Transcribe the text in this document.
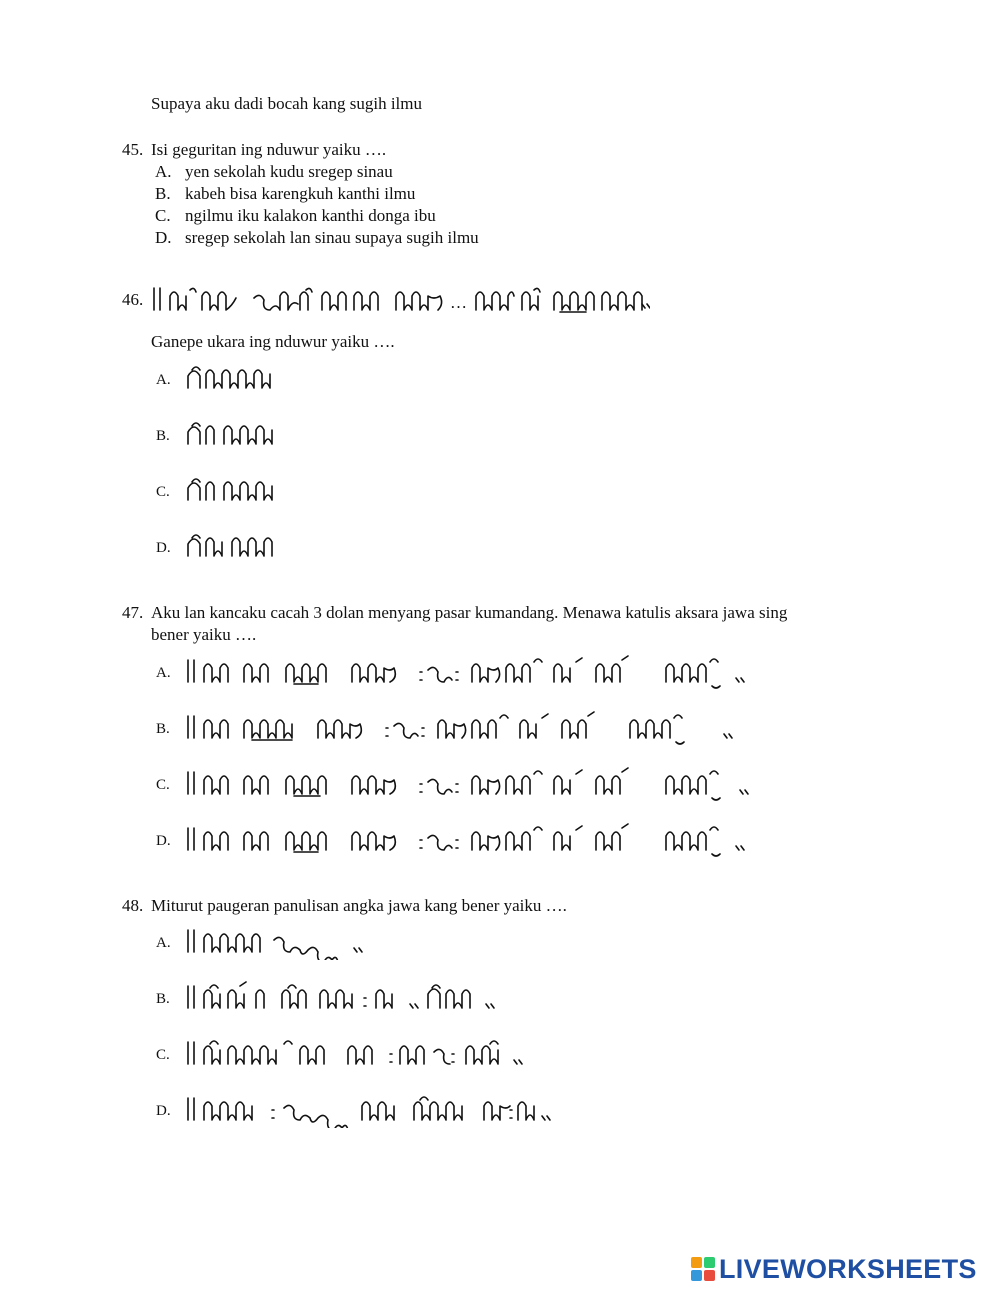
Supaya aku dadi bocah kang sugih ilmu
45. Isi geguritan ing nduwur yaiku ….
A. yen sekolah kudu sregep sinau
B. kabeh bisa karengkuh kanthi ilmu
C. ngilmu iku kalakon kanthi donga ibu
D. sregep sekolah lan sinau supaya sugih ilmu
46.	…
Ganepe ukara ing nduwur yaiku ….
A.
B.
C.
D.
47. Aku lan kancaku cacah 3 dolan menyang pasar kumandang. Menawa katulis aksara jawa sing
bener yaiku ….
A.
B.
C.
D.
48. Miturut paugeran panulisan angka jawa kang bener yaiku ….
A.
B.
C.
D.
LIVEWORKSHEETS
